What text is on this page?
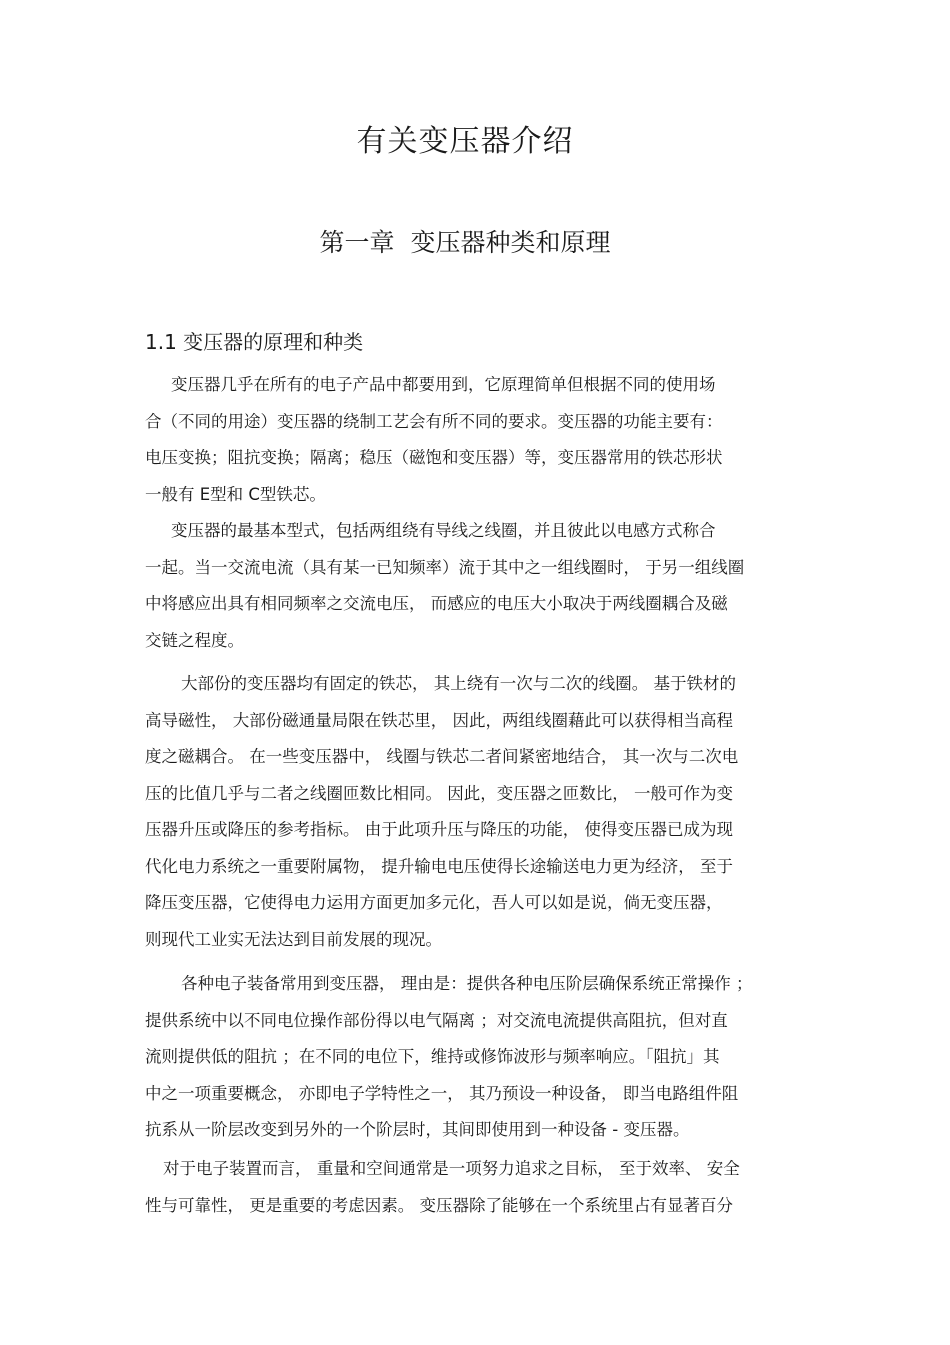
有关变压器介绍
第一章  变压器种类和原理
1.1 变压器的原理和种类
变压器几乎在所有的电子产品中都要用到，它原理简单但根据不同的使用场
合（不同的用途）变压器的绕制工艺会有所不同的要求。变压器的功能主要有：
电压变换；阻抗变换；隔离；稳压（磁饱和变压器）等，变压器常用的铁芯形状
一般有 E型和 C型铁芯。
变压器的最基本型式，包括两组绕有导线之线圈，并且彼此以电感方式称合
一起。当一交流电流（具有某一已知频率）流于其中之一组线圈时， 于另一组线圈
中将感应出具有相同频率之交流电压， 而感应的电压大小取决于两线圈耦合及磁
交链之程度。
大部份的变压器均有固定的铁芯， 其上绕有一次与二次的线圈。 基于铁材的
高导磁性， 大部份磁通量局限在铁芯里， 因此，两组线圈藉此可以获得相当高程
度之磁耦合。 在一些变压器中， 线圈与铁芯二者间紧密地结合， 其一次与二次电
压的比值几乎与二者之线圈匝数比相同。 因此，变压器之匝数比， 一般可作为变
压器升压或降压的参考指标。 由于此项升压与降压的功能， 使得变压器已成为现
代化电力系统之一重要附属物， 提升输电电压使得长途输送电力更为经济， 至于
降压变压器，它使得电力运用方面更加多元化，吾人可以如是说，倘无变压器，
则现代工业实无法达到目前发展的现况。
各种电子装备常用到变压器， 理由是：提供各种电压阶层确保系统正常操作 ；
提供系统中以不同电位操作部份得以电气隔离 ；对交流电流提供高阻抗，但对直
流则提供低的阻抗 ；在不同的电位下，维持或修饰波形与频率响应。「阻抗」其
中之一项重要概念， 亦即电子学特性之一， 其乃预设一种设备， 即当电路组件阻
抗系从一阶层改变到另外的一个阶层时，其间即使用到一种设备 - 变压器。
对于电子装置而言， 重量和空间通常是一项努力追求之目标， 至于效率、 安全
性与可靠性， 更是重要的考虑因素。 变压器除了能够在一个系统里占有显著百分
